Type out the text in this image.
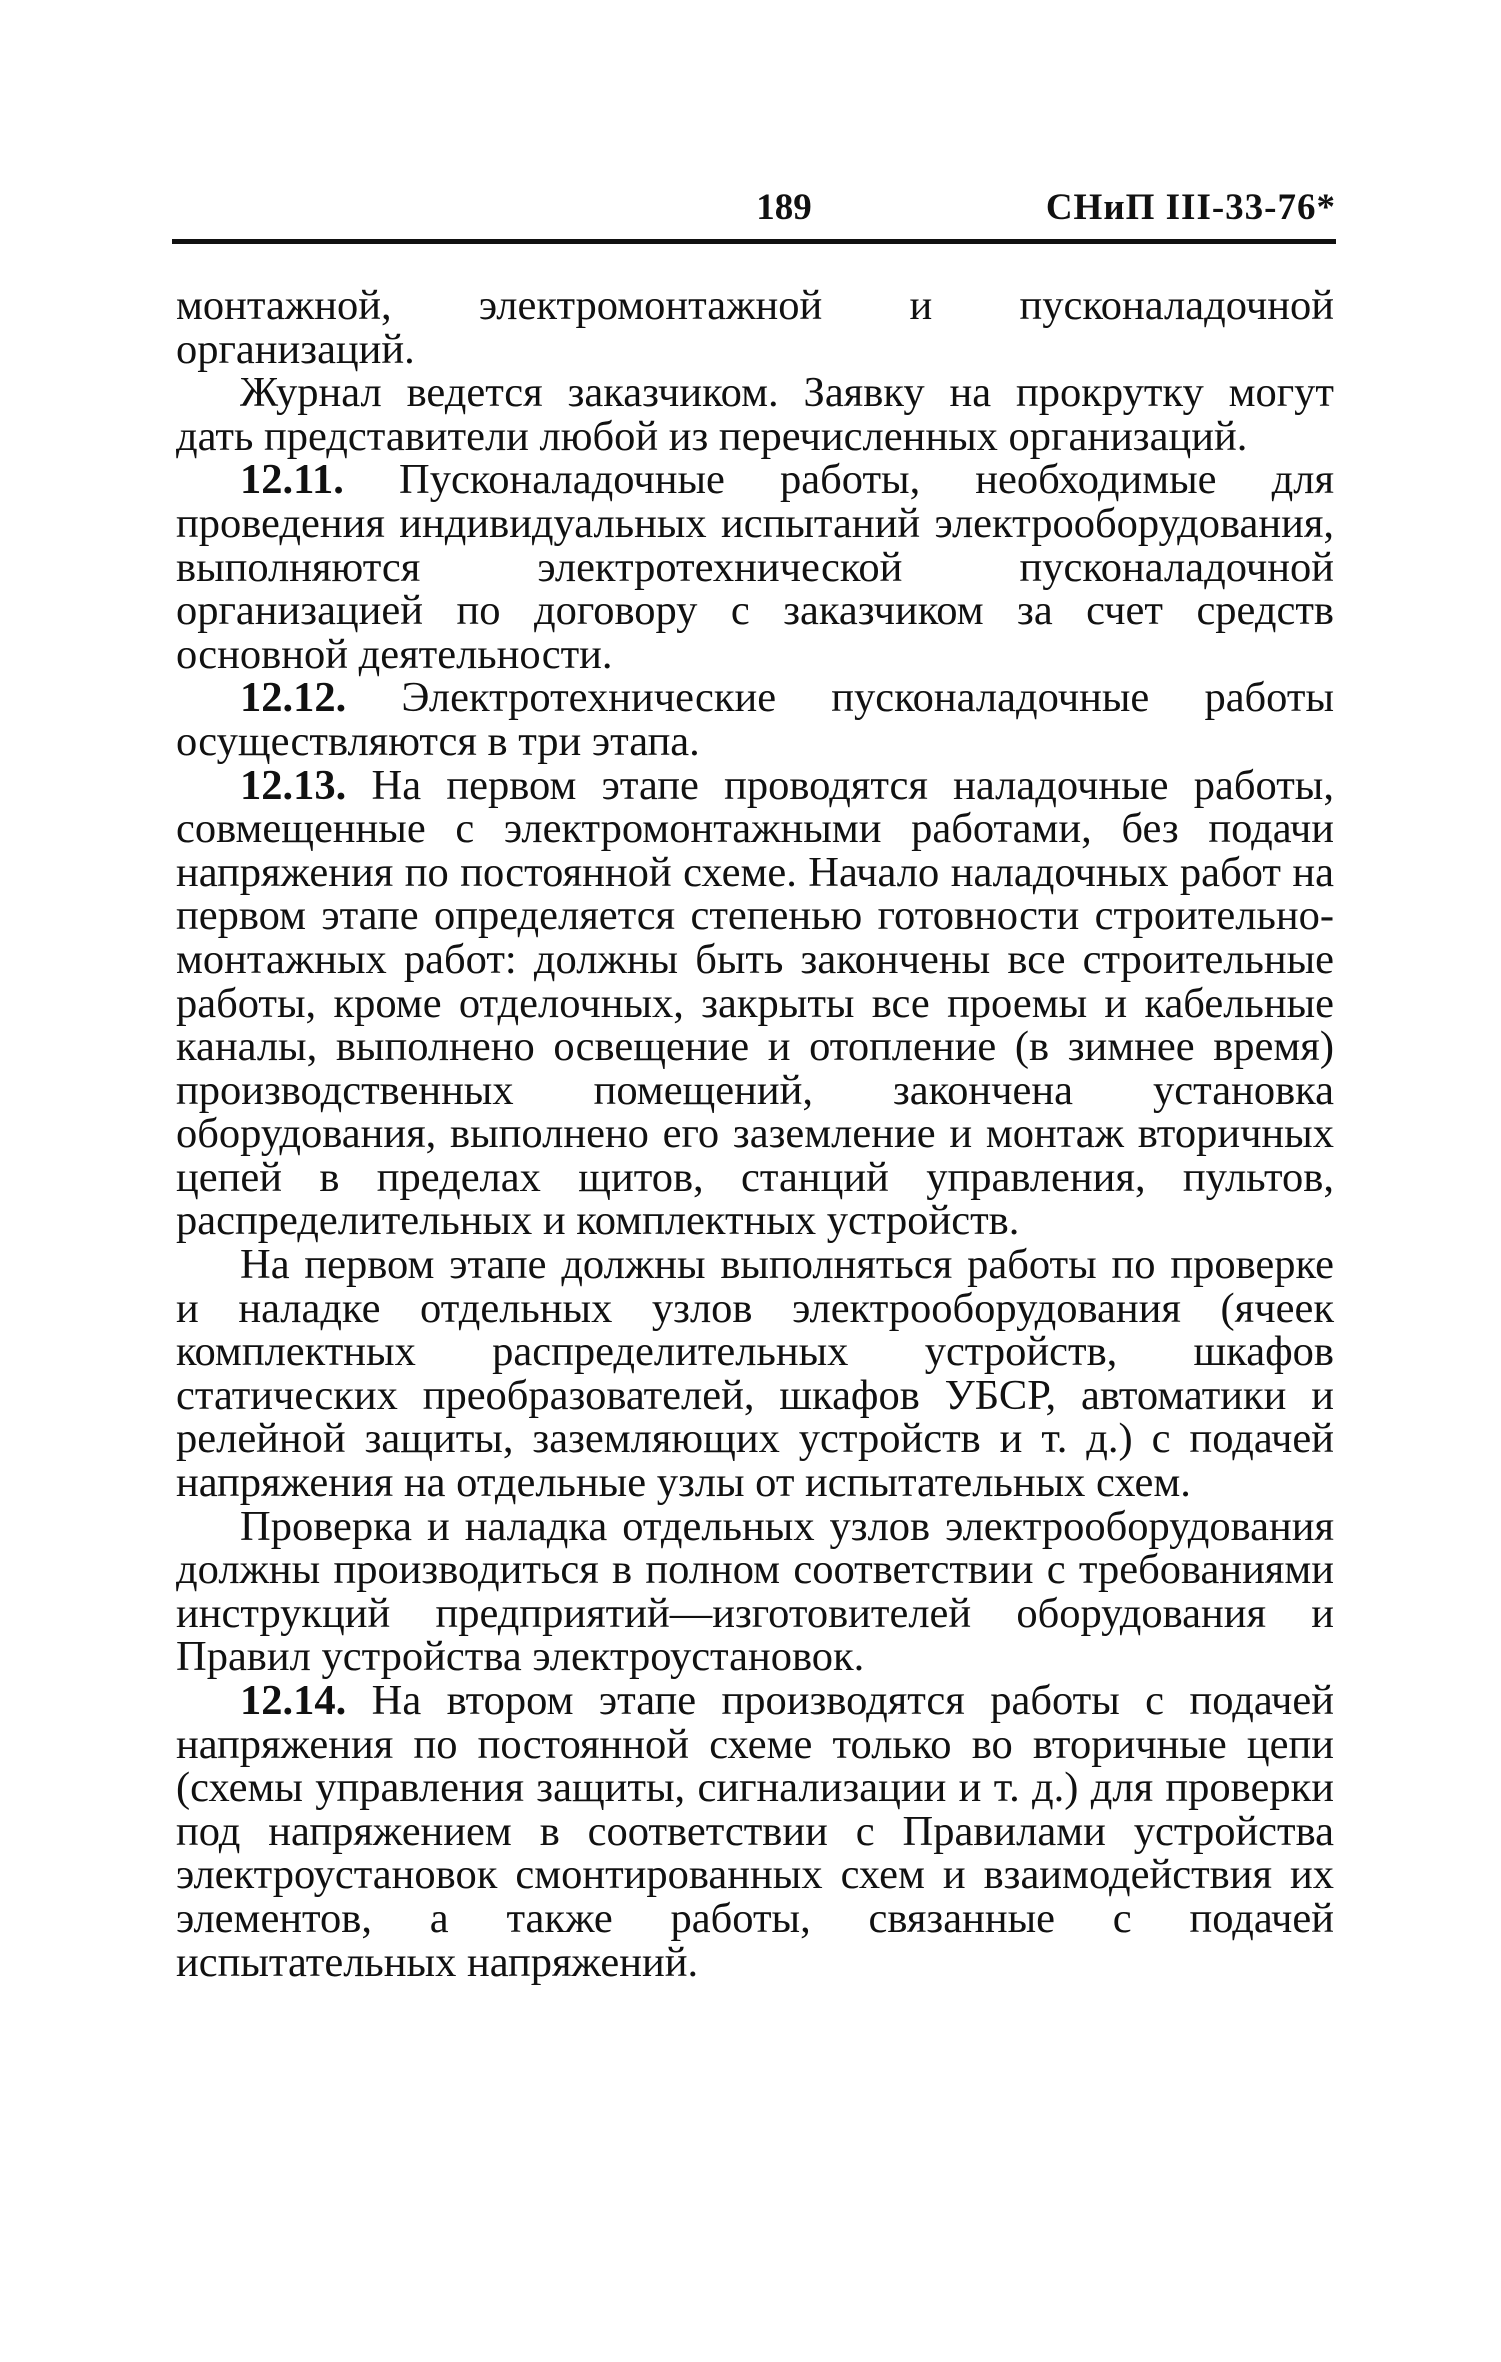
189	СНиП III-33-76*

монтажной, электромонтажной и пусконаладочной организаций.

Журнал ведется заказчиком. Заявку на прокрутку могут дать представители любой из перечисленных организаций.

12.11. Пусконаладочные работы, необходимые для проведения индивидуальных испытаний электрооборудования, выполняются электротехнической пусконаладочной организацией по договору с заказчиком за счет средств основной деятельности.

12.12. Электротехнические пусконаладочные работы осуществляются в три этапа.

12.13. На первом этапе проводятся наладочные работы, совмещенные с электромонтажными работами, без подачи напряжения по постоянной схеме. Начало наладочных работ на первом этапе определяется степенью готовности строительно-монтажных работ: должны быть закончены все строительные работы, кроме отделочных, закрыты все проемы и кабельные каналы, выполнено освещение и отопление (в зимнее время) производственных помещений, закончена установка оборудования, выполнено его заземление и монтаж вторичных цепей в пределах щитов, станций управления, пультов, распределительных и комплектных устройств.

На первом этапе должны выполняться работы по проверке и наладке отдельных узлов электрооборудования (ячеек комплектных распределительных устройств, шкафов статических преобразователей, шкафов УБСР, автоматики и релейной защиты, заземляющих устройств и т. д.) с подачей напряжения на отдельные узлы от испытательных схем.

Проверка и наладка отдельных узлов электрооборудования должны производиться в полном соответствии с требованиями инструкций предприятий—изготовителей оборудования и Правил устройства электроустановок.

12.14. На втором этапе производятся работы с подачей напряжения по постоянной схеме только во вторичные цепи (схемы управления защиты, сигнализации и т. д.) для проверки под напряжением в соответствии с Правилами устройства электроустановок смонтированных схем и взаимодействия их элементов, а также работы, связанные с подачей испытательных напряжений.
